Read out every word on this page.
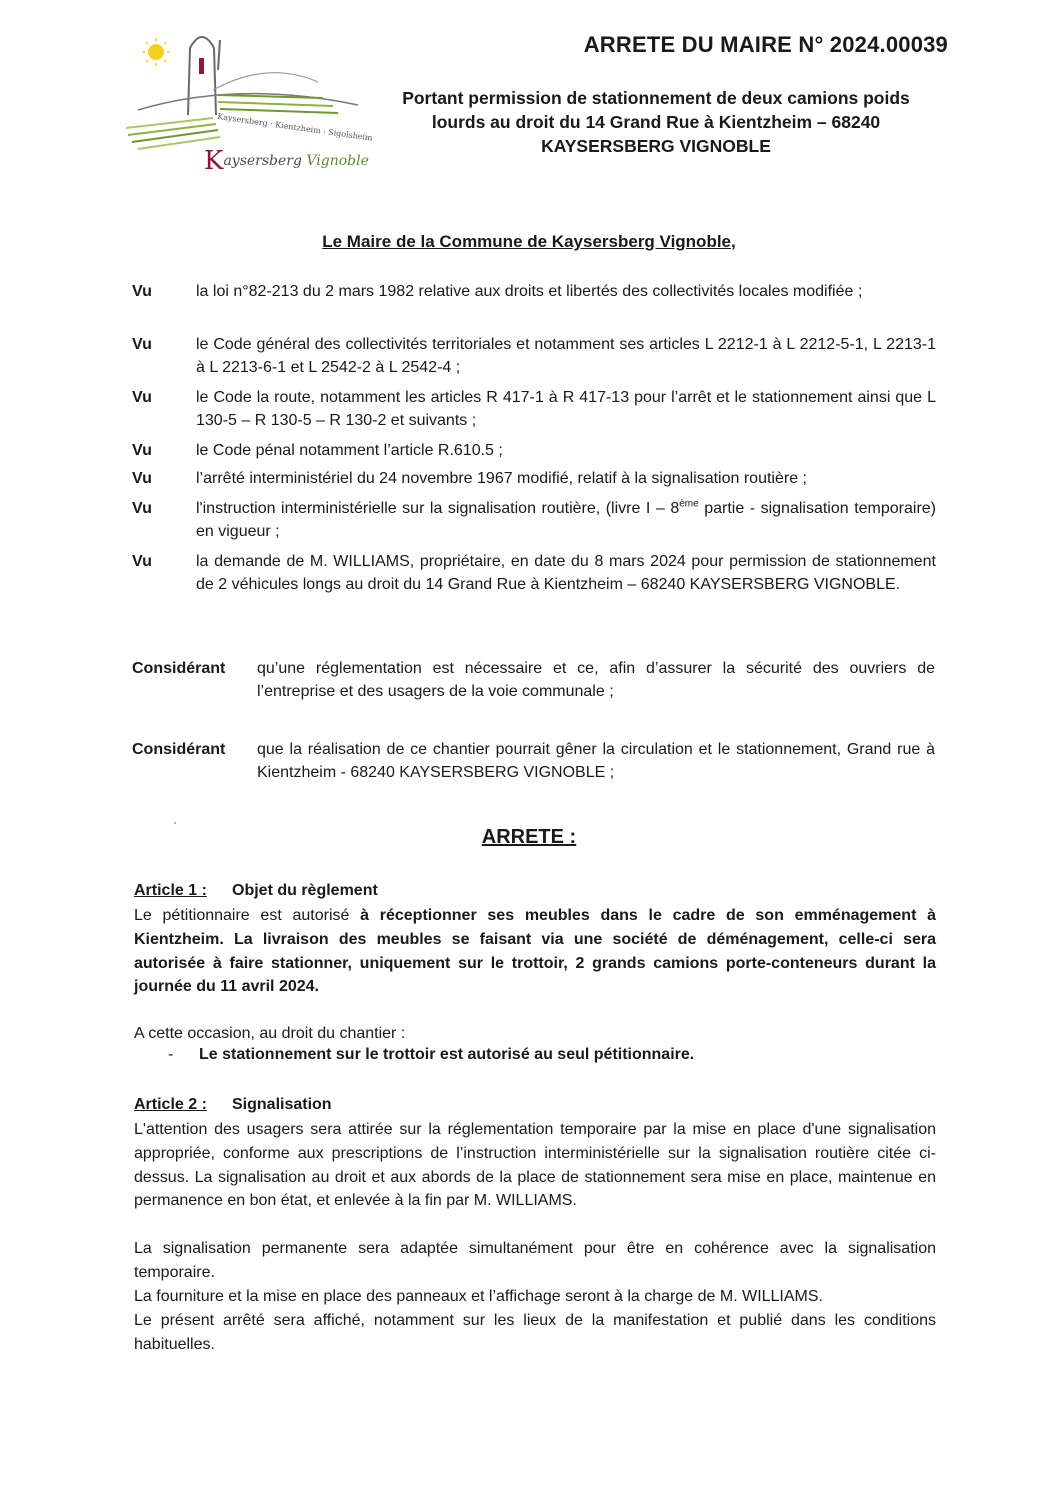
Kaysersberg · Kientzheim · Sigolsheim
Kaysersberg Vignoble
ARRETE DU MAIRE N° 2024.00039
Portant permission de stationnement de deux camions poids
lourds au droit du 14 Grand Rue à Kientzheim – 68240
KAYSERSBERG VIGNOBLE
Le Maire de la Commune de Kaysersberg Vignoble,
Vu	la loi n°82-213 du 2 mars 1982 relative aux droits et libertés des collectivités locales modifiée ;
Vu	le Code général des collectivités territoriales et notamment ses articles L 2212-1 à L 2212-5-1, L 2213-1 à L 2213-6-1 et L 2542-2 à L 2542-4 ;
Vu	le Code la route, notamment les articles R 417-1 à R 417-13 pour l’arrêt et le stationnement ainsi que L 130-5 – R 130-5 – R 130-2 et suivants ;
Vu	le Code pénal notamment l’article R.610.5 ;
Vu	l’arrêté interministériel du 24 novembre 1967 modifié, relatif à la signalisation routière ;
Vu	l'instruction interministérielle sur la signalisation routière, (livre I – 8ème partie - signalisation temporaire) en vigueur ;
Vu	la demande de M. WILLIAMS, propriétaire, en date du 8 mars 2024 pour permission de stationnement de 2 véhicules longs au droit du 14 Grand Rue à Kientzheim – 68240 KAYSERSBERG VIGNOBLE.
Considérant qu’une réglementation est nécessaire et ce, afin d’assurer la sécurité des ouvriers de l’entreprise et des usagers de la voie communale ;
Considérant que la réalisation de ce chantier pourrait gêner la circulation et le stationnement, Grand rue à Kientzheim - 68240 KAYSERSBERG VIGNOBLE ;
ARRETE :
Article 1 : Objet du règlement
Le pétitionnaire est autorisé à réceptionner ses meubles dans le cadre de son emménagement à Kientzheim. La livraison des meubles se faisant via une société de déménagement, celle-ci sera autorisée à faire stationner, uniquement sur le trottoir, 2 grands camions porte-conteneurs durant la journée du 11 avril 2024.
A cette occasion, au droit du chantier :
- Le stationnement sur le trottoir est autorisé au seul pétitionnaire.
Article 2 : Signalisation
L'attention des usagers sera attirée sur la réglementation temporaire par la mise en place d'une signalisation appropriée, conforme aux prescriptions de l’instruction interministérielle sur la signalisation routière citée ci-dessus. La signalisation au droit et aux abords de la place de stationnement sera mise en place, maintenue en permanence en bon état, et enlevée à la fin par M. WILLIAMS.
La signalisation permanente sera adaptée simultanément pour être en cohérence avec la signalisation temporaire.
La fourniture et la mise en place des panneaux et l’affichage seront à la charge de M. WILLIAMS.
Le présent arrêté sera affiché, notamment sur les lieux de la manifestation et publié dans les conditions habituelles.
